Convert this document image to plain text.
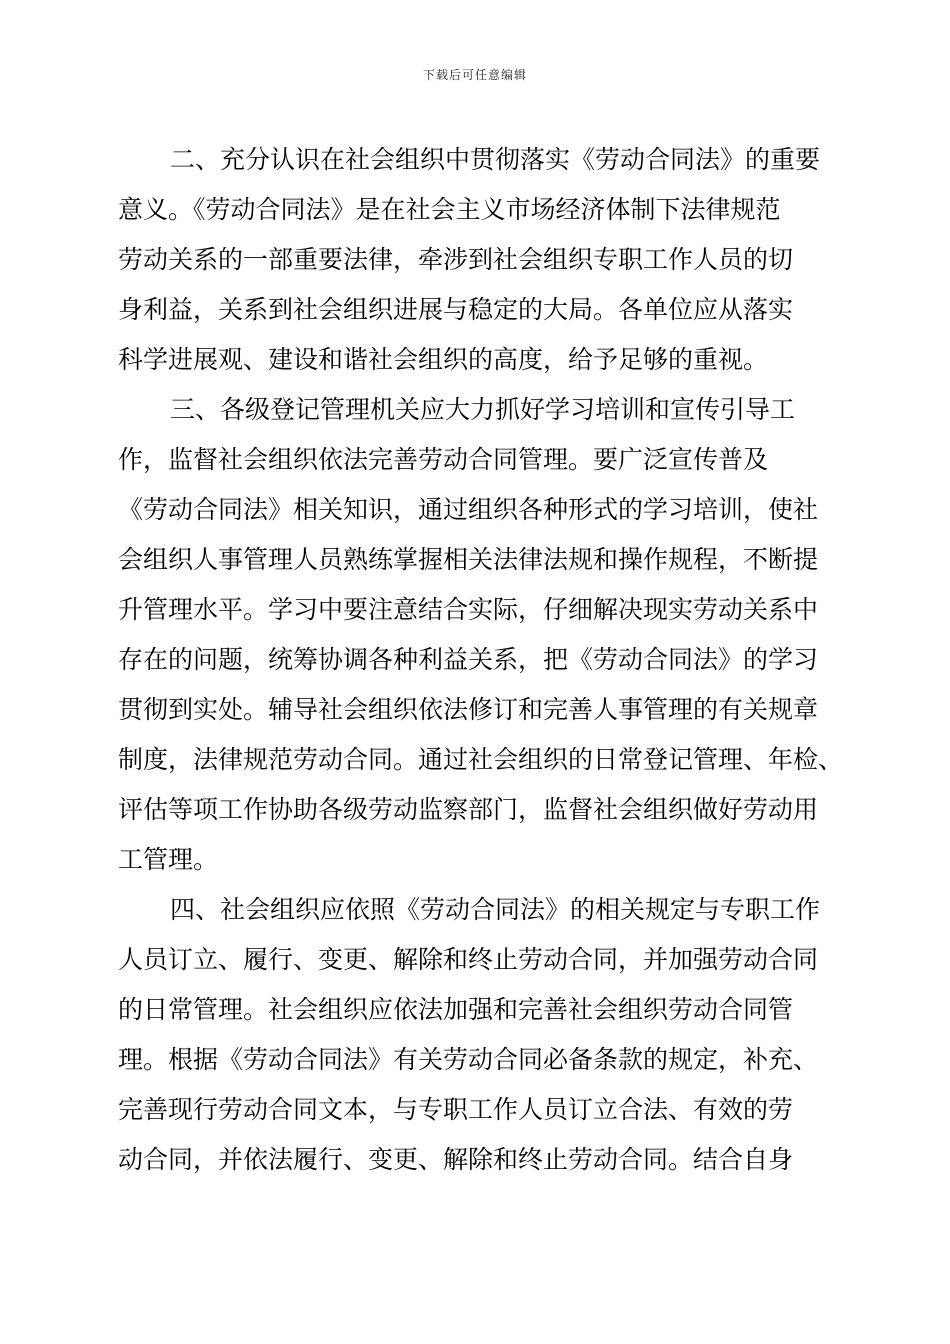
下载后可任意编辑
二、充分认识在社会组织中贯彻落实《劳动合同法》的重要
意义。《劳动合同法》是在社会主义市场经济体制下法律规范
劳动关系的一部重要法律，牵涉到社会组织专职工作人员的切
身利益，关系到社会组织进展与稳定的大局。各单位应从落实
科学进展观、建设和谐社会组织的高度，给予足够的重视。
三、各级登记管理机关应大力抓好学习培训和宣传引导工
作，监督社会组织依法完善劳动合同管理。要广泛宣传普及
《劳动合同法》相关知识，通过组织各种形式的学习培训，使社
会组织人事管理人员熟练掌握相关法律法规和操作规程，不断提
升管理水平。学习中要注意结合实际，仔细解决现实劳动关系中
存在的问题，统筹协调各种利益关系，把《劳动合同法》的学习
贯彻到实处。辅导社会组织依法修订和完善人事管理的有关规章
制度，法律规范劳动合同。通过社会组织的日常登记管理、年检、
评估等项工作协助各级劳动监察部门，监督社会组织做好劳动用
工管理。
四、社会组织应依照《劳动合同法》的相关规定与专职工作
人员订立、履行、变更、解除和终止劳动合同，并加强劳动合同
的日常管理。社会组织应依法加强和完善社会组织劳动合同管
理。根据《劳动合同法》有关劳动合同必备条款的规定，补充、
完善现行劳动合同文本，与专职工作人员订立合法、有效的劳
动合同，并依法履行、变更、解除和终止劳动合同。结合自身
